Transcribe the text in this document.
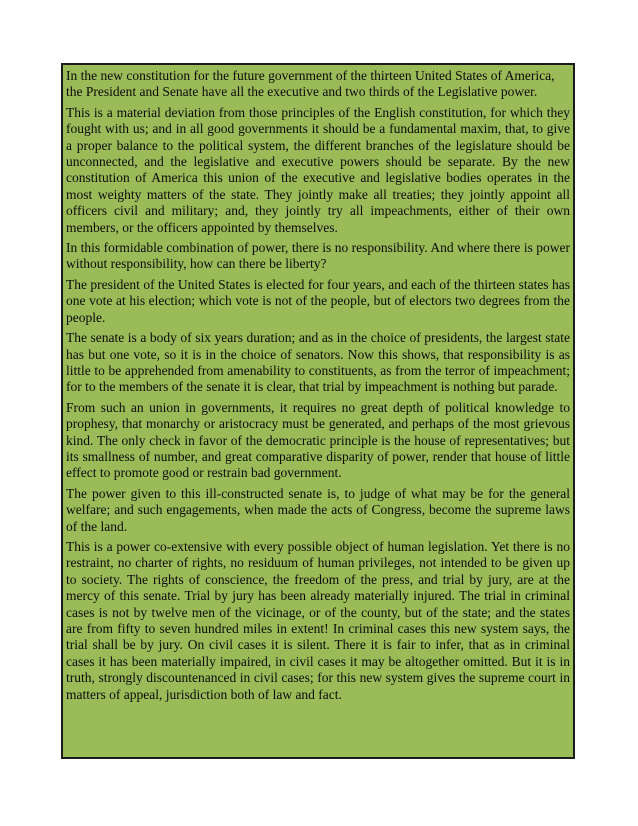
In the new constitution for the future government of the thirteen United States of America, the President and Senate have all the executive and two thirds of the Legislative power.

This is a material deviation from those principles of the English constitution, for which they fought with us; and in all good governments it should be a fundamental maxim, that, to give a proper balance to the political system, the different branches of the legislature should be unconnected, and the legislative and executive powers should be separate. By the new constitution of America this union of the executive and legislative bodies operates in the most weighty matters of the state. They jointly make all treaties; they jointly appoint all officers civil and military; and, they jointly try all impeachments, either of their own members, or the officers appointed by themselves.

In this formidable combination of power, there is no responsibility. And where there is power without responsibility, how can there be liberty?

The president of the United States is elected for four years, and each of the thirteen states has one vote at his election; which vote is not of the people, but of electors two degrees from the people.

The senate is a body of six years duration; and as in the choice of presidents, the largest state has but one vote, so it is in the choice of senators. Now this shows, that responsibility is as little to be apprehended from amenability to constituents, as from the terror of impeachment; for to the members of the senate it is clear, that trial by impeachment is nothing but parade.

From such an union in governments, it requires no great depth of political knowledge to prophesy, that monarchy or aristocracy must be generated, and perhaps of the most grievous kind. The only check in favor of the democratic principle is the house of representatives; but its smallness of number, and great comparative disparity of power, render that house of little effect to promote good or restrain bad government.

The power given to this ill-constructed senate is, to judge of what may be for the general welfare; and such engagements, when made the acts of Congress, become the supreme laws of the land.

This is a power co-extensive with every possible object of human legislation. Yet there is no restraint, no charter of rights, no residuum of human privileges, not intended to be given up to society. The rights of conscience, the freedom of the press, and trial by jury, are at the mercy of this senate. Trial by jury has been already materially injured. The trial in criminal cases is not by twelve men of the vicinage, or of the county, but of the state; and the states are from fifty to seven hundred miles in extent! In criminal cases this new system says, the trial shall be by jury. On civil cases it is silent. There it is fair to infer, that as in criminal cases it has been materially impaired, in civil cases it may be altogether omitted. But it is in truth, strongly discountenanced in civil cases; for this new system gives the supreme court in matters of appeal, jurisdiction both of law and fact.
